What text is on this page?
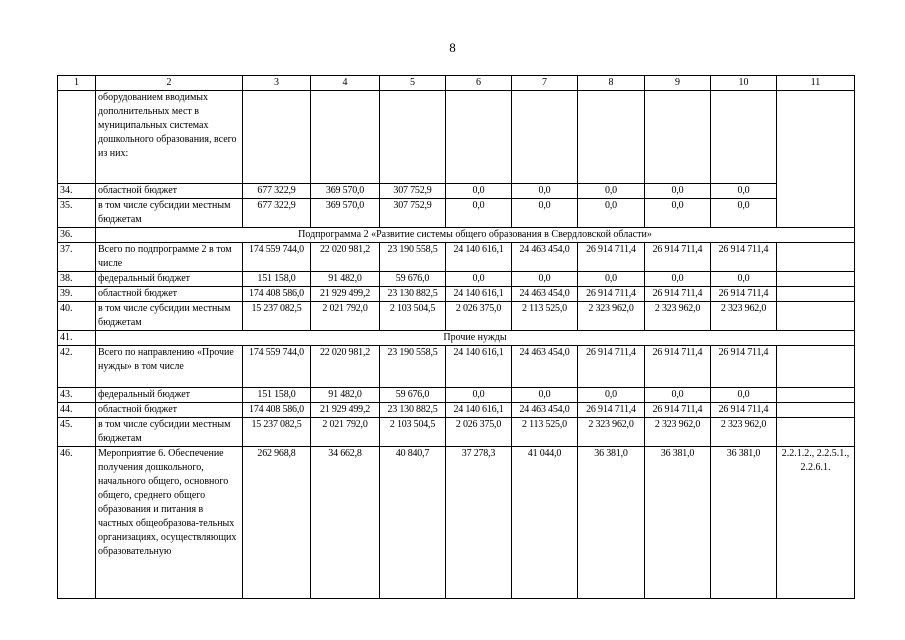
8
1	2	3	4	5	6	7	8	9	10	11
	оборудованием вводимых дополнительных мест в муниципальных системах дошкольного образования, всего из них:									
34.	областной бюджет	677 322,9	369 570,0	307 752,9	0,0	0,0	0,0	0,0	0,0	
35.	в том числе субсидии местным бюджетам	677 322,9	369 570,0	307 752,9	0,0	0,0	0,0	0,0	0,0	
36.	Подпрограмма 2 «Развитие системы общего образования в Свердловской области»									
37.	Всего по подпрограмме 2 в том числе	174 559 744,0	22 020 981,2	23 190 558,5	24 140 616,1	24 463 454,0	26 914 711,4	26 914 711,4	26 914 711,4	
38.	федеральный бюджет	151 158,0	91 482,0	59 676,0	0,0	0,0	0,0	0,0	0,0	
39.	областной бюджет	174 408 586,0	21 929 499,2	23 130 882,5	24 140 616,1	24 463 454,0	26 914 711,4	26 914 711,4	26 914 711,4	
40.	в том числе субсидии местным бюджетам	15 237 082,5	2 021 792,0	2 103 504,5	2 026 375,0	2 113 525,0	2 323 962,0	2 323 962,0	2 323 962,0	
41.	Прочие нужды									
42.	Всего по направлению «Прочие нужды» в том числе	174 559 744,0	22 020 981,2	23 190 558,5	24 140 616,1	24 463 454,0	26 914 711,4	26 914 711,4	26 914 711,4	
43.	федеральный бюджет	151 158,0	91 482,0	59 676,0	0,0	0,0	0,0	0,0	0,0	
44.	областной бюджет	174 408 586,0	21 929 499,2	23 130 882,5	24 140 616,1	24 463 454,0	26 914 711,4	26 914 711,4	26 914 711,4	
45.	в том числе субсидии местным бюджетам	15 237 082,5	2 021 792,0	2 103 504,5	2 026 375,0	2 113 525,0	2 323 962,0	2 323 962,0	2 323 962,0	
46.	Мероприятие 6. Обеспечение получения дошкольного, начального общего, основного общего, среднего общего образования и питания в частных общеобразова-тельных организациях, осуществляющих образовательную	262 968,8	34 662,8	40 840,7	37 278,3	41 044,0	36 381,0	36 381,0	36 381,0	2.2.1.2., 2.2.5.1., 2.2.6.1.
